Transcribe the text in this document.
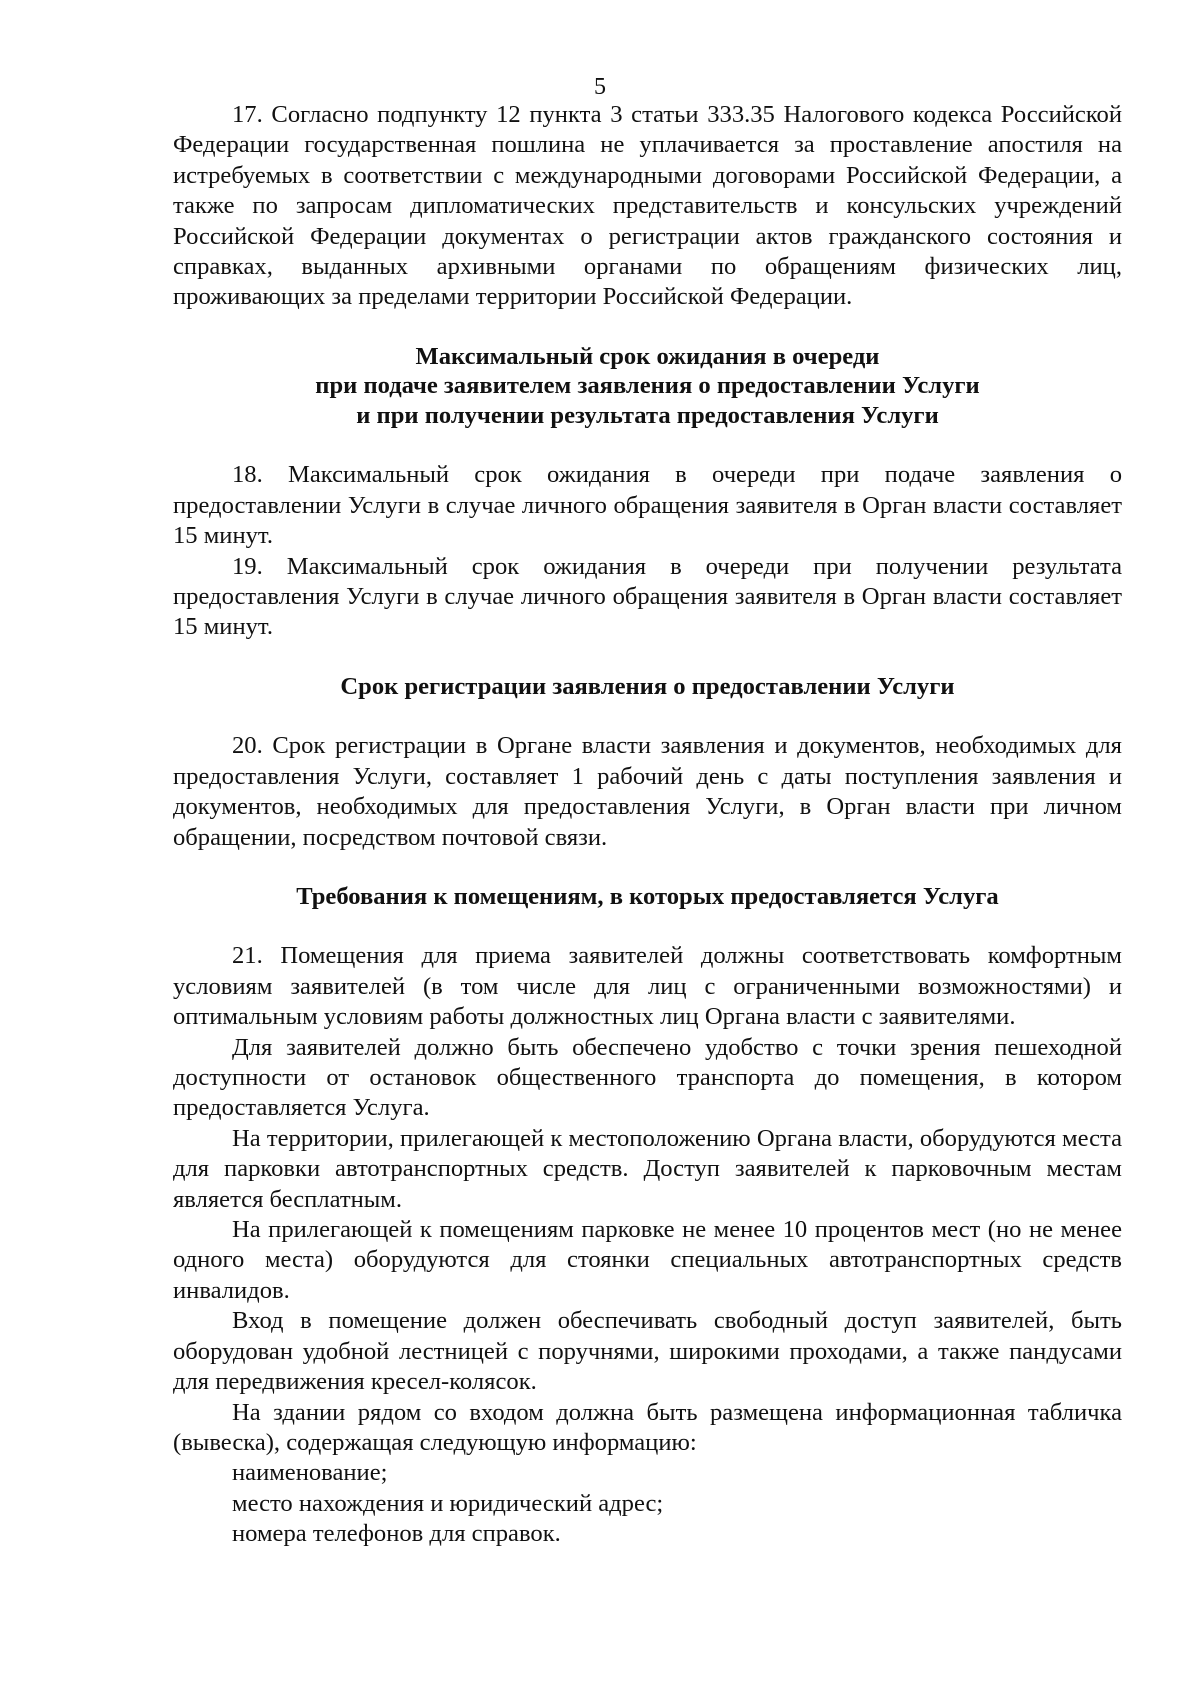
5

17. Согласно подпункту 12 пункта 3 статьи 333.35 Налогового кодекса Российской Федерации государственная пошлина не уплачивается за проставление апостиля на истребуемых в соответствии с международными договорами Российской Федерации, а также по запросам дипломатических представительств и консульских учреждений Российской Федерации документах о регистрации актов гражданского состояния и справках, выданных архивными органами по обращениям физических лиц, проживающих за пределами территории Российской Федерации.

Максимальный срок ожидания в очереди
при подаче заявителем заявления о предоставлении Услуги
и при получении результата предоставления Услуги

18. Максимальный срок ожидания в очереди при подаче заявления о предоставлении Услуги в случае личного обращения заявителя в Орган власти составляет 15 минут.

19. Максимальный срок ожидания в очереди при получении результата предоставления Услуги в случае личного обращения заявителя в Орган власти составляет 15 минут.

Срок регистрации заявления о предоставлении Услуги

20. Срок регистрации в Органе власти заявления и документов, необходимых для предоставления Услуги, составляет 1 рабочий день с даты поступления заявления и документов, необходимых для предоставления Услуги, в Орган власти при личном обращении, посредством почтовой связи.

Требования к помещениям, в которых предоставляется Услуга

21. Помещения для приема заявителей должны соответствовать комфортным условиям заявителей (в том числе для лиц с ограниченными возможностями) и оптимальным условиям работы должностных лиц Органа власти с заявителями.

Для заявителей должно быть обеспечено удобство с точки зрения пешеходной доступности от остановок общественного транспорта до помещения, в котором предоставляется Услуга.

На территории, прилегающей к местоположению Органа власти, оборудуются места для парковки автотранспортных средств. Доступ заявителей к парковочным местам является бесплатным.

На прилегающей к помещениям парковке не менее 10 процентов мест (но не менее одного места) оборудуются для стоянки специальных автотранспортных средств инвалидов.

Вход в помещение должен обеспечивать свободный доступ заявителей, быть оборудован удобной лестницей с поручнями, широкими проходами, а также пандусами для передвижения кресел-колясок.

На здании рядом со входом должна быть размещена информационная табличка (вывеска), содержащая следующую информацию:

наименование;

место нахождения и юридический адрес;

номера телефонов для справок.
